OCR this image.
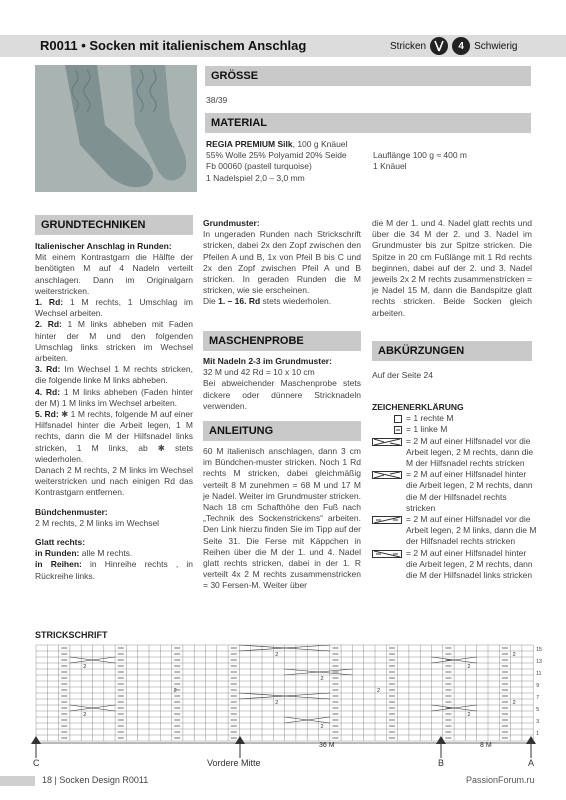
R0011 • Socken mit italienischem Anschlag	Stricken	4 Schwierig
GRÖSSE
38/39
MATERIAL
REGIA PREMIUM Silk, 100 g Knäuel
55% Wolle 25% Polyamid 20% Seide
Fb 00060 (pastell turquoise)
1 Nadelspiel 2,0 – 3,0 mm
Lauflänge 100 g ≈ 400 m
1 Knäuel
GRUNDTECHNIKEN

Italienischer Anschlag in Runden:

Mit einem Kontrastgarn die Hälfte der benötigten M auf 4 Nadeln verteilt anschlagen. Dann im Originalgarn weiterstricken.

1. Rd: 1 M rechts, 1 Umschlag im Wechsel arbeiten.

2. Rd: 1 M links abheben mit Faden hinter der M und den folgenden Umschlag links stricken im Wechsel arbeiten.

3. Rd: Im Wechsel 1 M rechts stricken, die folgende linke M links abheben.

4. Rd: 1 M links abheben (Faden hinter der M) 1 M links im Wechsel arbeiten.

5. Rd: ✱ 1 M rechts, folgende M auf einer Hilfsnadel hinter die Arbeit legen, 1 M rechts, dann die M der Hilfsnadel links stricken, 1 M links, ab ✱ stets wiederholen.

Danach 2 M rechts, 2 M links im Wechsel weiterstricken und nach einigen Rd das Kontrastgarn entfernen.

Bündchenmuster:

2 M rechts, 2 M links im Wechsel

Glatt rechts:

in Runden: alle M rechts.

in Reihen: in Hinreihe rechts , in Rückreihe links.

Grundmuster:

In ungeraden Runden nach Strickschrift stricken, dabei 2x den Zopf zwischen den Pfeilen A und B, 1x von Pfeil B bis C und 2x den Zopf zwischen Pfeil A und B stricken. In geraden Runden die M stricken, wie sie erscheinen.

Die 1. – 16. Rd stets wiederholen.

MASCHENPROBE

Mit Nadeln 2-3 im Grundmuster:

32 M und 42 Rd = 10 x 10 cm

Bei abweichender Maschenprobe stets dickere oder dünnere Stricknadeln verwenden.

ANLEITUNG
60 M italienisch anschlagen, dann 3 cm im Bündchen-muster stricken. Noch 1 Rd rechts M stricken, dabei gleichmäßig verteilt 8 M zunehmen = 68 M und 17 M je Nadel. Weiter im Grundmuster stricken. Nach 18 cm Schafthöhe den Fuß nach „Technik des Sockenstrickens“ arbeiten. Den Link hierzu finden Sie im Tipp auf der Seite 31. Die Ferse mit Käppchen in Reihen über die M der 1. und 4. Nadel glatt rechts stricken, dabei in der 1. R verteilt 4x 2 M rechts zusammenstricken = 30 Fersen-M. Weiter über
die M der 1. und 4. Nadel glatt rechts und über die 34 M der 2. und 3. Nadel im Grundmuster bis zur Spitze stricken. Die Spitze in 20 cm Fußlänge mit 1 Rd rechts beginnen, dabei auf der 2. und 3. Nadel jeweils 2x 2 M rechts zusammenstricken = je Nadel 15 M, dann die Bandspitze glatt rechts stricken. Beide Socken gleich arbeiten.
ABKÜRZUNGEN
Auf der Seite 24
ZEICHENERKLÄRUNG
= 1 rechte M
= 1 linke M
= 2 M auf einer Hilfsnadel vor die Arbeit legen, 2 M rechts, dann die M der Hilfsnadel rechts stricken
= 2 M auf einer Hilfsnadel hinter die Arbeit legen, 2 M rechts, dann die M der Hilfsnadel rechts stricken
= 2 M auf einer Hilfsnadel vor die Arbeit legen, 2 M links, dann die M der Hilfsnadel rechts stricken
= 2 M auf einer Hilfsnadel hinter die Arbeit legen, 2 M rechts, dann die M der Hilfsnadel links stricken
STRICKSCHRIFT
15
13
11
9
7
5
3
1
2
2
2
2
2	2
2
2
2	2
2
2
36 M	8 M
C	Vordere Mitte	B	A
18 | Socken Design R0011	PassionForum.ru
